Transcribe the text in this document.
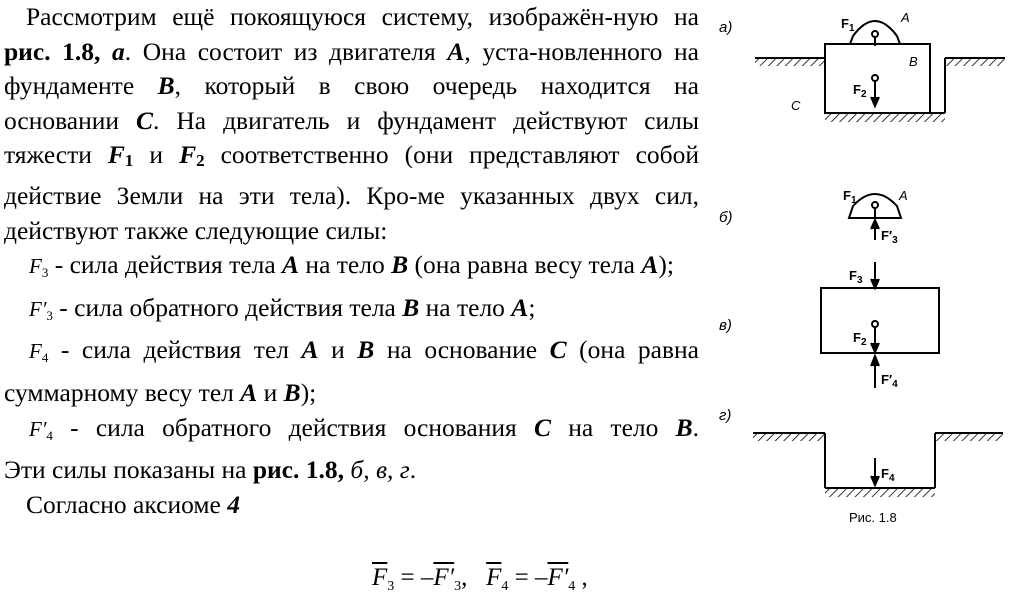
Рассмотрим ещё покоящуюся систему, изображён-ную на рис. 1.8, а. Она состоит из двигателя A, уста-новленного на фундаменте B, который в свою очередь находится на основании C. На двигатель и фундамент действуют силы тяжести F1 и F2 соответственно (они представляют собой действие Земли на эти тела). Кро-ме указанных двух сил, действуют также следующие силы:

$F_3$ - сила действия тела A на тело B (она равна весу тела A);

$F'_3$ - сила обратного действия тела B на тело A;

$F_4$ - сила действия тел A и B на основание C (она равна суммарному весу тел A и B);

$F'_4$ - сила обратного действия основания C на тело B.

Эти силы показаны на рис. 1.8, б, в, г.

Согласно аксиоме 4

$\overline{F}_3 = -F'_3$,   $\overline{F}_4 = -F'_4$ ,
а)
б)
в)
г)
$F_1$
A
B
C
$F_2$
$F_1$	A
$F'_3$
$F_3$
$F_2$
$F'_4$
$F_4$
Рис. 1.8
